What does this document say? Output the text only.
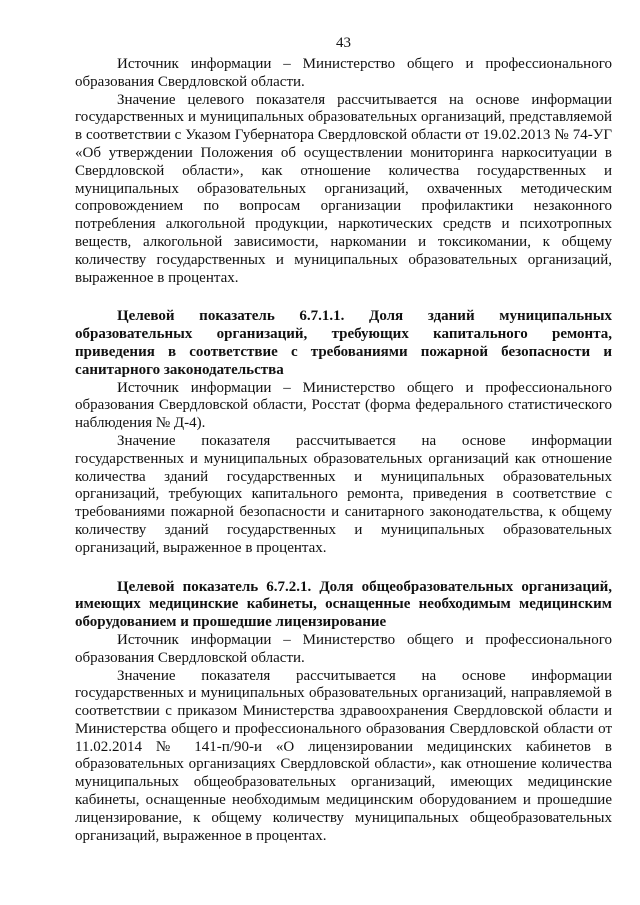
43

Источник информации – Министерство общего и профессионального образования Свердловской области.

Значение целевого показателя рассчитывается на основе информации государственных и муниципальных образовательных организаций, представляемой в соответствии с Указом Губернатора Свердловской области от 19.02.2013 № 74-УГ «Об утверждении Положения об осуществлении мониторинга наркоситуации в Свердловской области», как отношение количества государственных и муниципальных образовательных организаций, охваченных методическим сопровождением по вопросам организации профилактики незаконного потребления алкогольной продукции, наркотических средств и психотропных веществ, алкогольной зависимости, наркомании и токсикомании, к общему количеству государственных и муниципальных образовательных организаций, выраженное в процентах.

Целевой показатель 6.7.1.1. Доля зданий муниципальных образовательных организаций, требующих капитального ремонта, приведения в соответствие с требованиями пожарной безопасности и санитарного законодательства

Источник информации – Министерство общего и профессионального образования Свердловской области, Росстат (форма федерального статистического наблюдения № Д-4).

Значение показателя рассчитывается на основе информации государственных и муниципальных образовательных организаций как отношение количества зданий государственных и муниципальных образовательных организаций, требующих капитального ремонта, приведения в соответствие с требованиями пожарной безопасности и санитарного законодательства, к общему количеству зданий государственных и муниципальных образовательных организаций, выраженное в процентах.

Целевой показатель 6.7.2.1. Доля общеобразовательных организаций, имеющих медицинские кабинеты, оснащенные необходимым медицинским оборудованием и прошедшие лицензирование

Источник информации – Министерство общего и профессионального образования Свердловской области.

Значение показателя рассчитывается на основе информации государственных и муниципальных образовательных организаций, направляемой в соответствии с приказом Министерства здравоохранения Свердловской области и Министерства общего и профессионального образования Свердловской области от 11.02.2014 № 141-п/90-и «О лицензировании медицинских кабинетов в образовательных организациях Свердловской области», как отношение количества муниципальных общеобразовательных организаций, имеющих медицинские кабинеты, оснащенные необходимым медицинским оборудованием и прошедшие лицензирование, к общему количеству муниципальных общеобразовательных организаций, выраженное в процентах.
